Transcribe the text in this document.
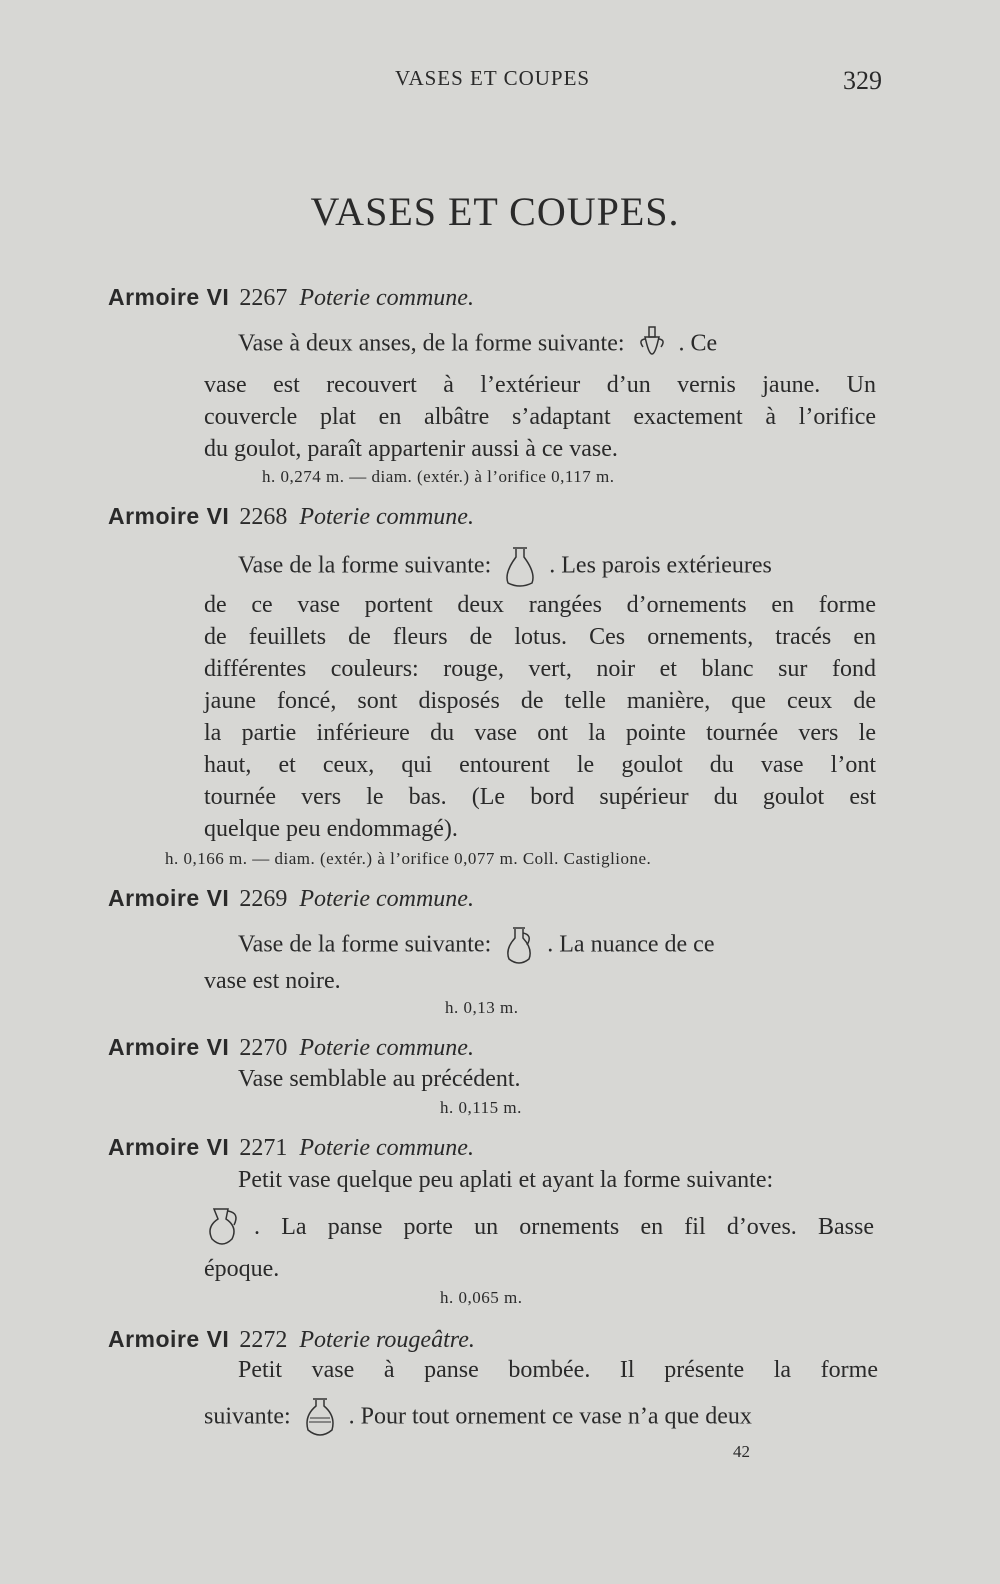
VASES ET COUPES	329
VASES ET COUPES.
Armoire VI 2267 Poterie commune.
Vase à deux anses, de la forme suivante: . Ce
vase est recouvert à l’extérieur d’un vernis jaune. Un
couvercle plat en albâtre s’adaptant exactement à l’orifice
du goulot, paraît appartenir aussi à ce vase.
h. 0,274 m. — diam. (extér.) à l’orifice 0,117 m.
Armoire VI 2268 Poterie commune.
Vase de la forme suivante: . Les parois extérieures
de ce vase portent deux rangées d’ornements en forme
de feuillets de fleurs de lotus. Ces ornements, tracés en
différentes couleurs: rouge, vert, noir et blanc sur fond
jaune foncé, sont disposés de telle manière, que ceux de
la partie inférieure du vase ont la pointe tournée vers le
haut, et ceux, qui entourent le goulot du vase l’ont
tournée vers le bas. (Le bord supérieur du goulot est
quelque peu endommagé).
h. 0,166 m. — diam. (extér.) à l’orifice 0,077 m. Coll. Castiglione.
Armoire VI 2269 Poterie commune.
Vase de la forme suivante: . La nuance de ce
vase est noire.
h. 0,13 m.
Armoire VI 2270 Poterie commune.
Vase semblable au précédent.
h. 0,115 m.
Armoire VI 2271 Poterie commune.
Petit vase quelque peu aplati et ayant la forme suivante:
. La panse porte un ornements en fil d’oves. Basse
époque.
h. 0,065 m.
Armoire VI 2272 Poterie rougeâtre.
Petit vase à panse bombée. Il présente la forme
suivante: . Pour tout ornement ce vase n’a que deux
42
